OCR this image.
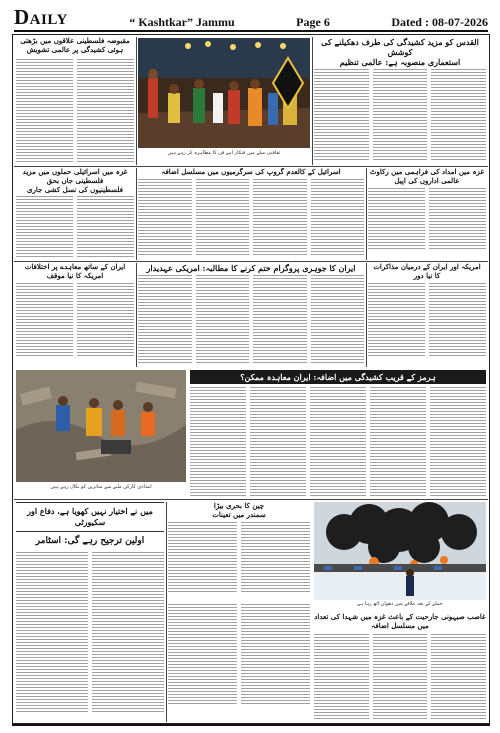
DAILY	“ Kashtkar” Jammu	Page 6	Dated : 08-07-2026
مقبوضہ فلسطینی علاقوں میں بڑھتی ہوئی کشیدگی پر عالمی تشویش
ثقافتی میلے میں فنکار اپنے فن کا مظاہرہ کر رہے ہیں
القدس کو مزید کشیدگی کی طرف دھکیلنے کی کوشش
استعماری منصوبہ ہے: عالمی تنظیم
غزہ میں اسرائیلی حملوں میں مزید فلسطینی جاں بحق
فلسطینیوں کی نسل کشی جاری
اسرائیل کے کالعدم گروپ کی سرگرمیوں میں مسلسل اضافہ	غزہ میں امداد کی فراہمی میں رکاوٹ
عالمی اداروں کی اپیل
ایران کے ساتھ معاہدے پر اختلافات
امریکہ کا نیا موقف
ایران کا جوہری پروگرام ختم کرنے کا مطالبہ: امریکی عہدیدار	امریکہ اور ایران کے درمیان مذاکرات
کا نیا دور
امدادی کارکن ملبے سے متاثرین کو نکال رہے ہیں
ہرمز کے قریب کشیدگی میں اضافہ: ایران معاہدہ ممکن؟
میں نے اختیار نہیں کھویا ہے، دفاع اور سکیورٹی
اولین ترجیح رہے گی: اسٹامر
چین کا بحری بیڑا
سمندر میں تعینات
حملے کے بعد علاقے میں دھواں اٹھ رہا ہے
غاصب صیہونی جارحیت کے باعث غزہ میں شہدا کی تعداد میں مسلسل اضافہ
